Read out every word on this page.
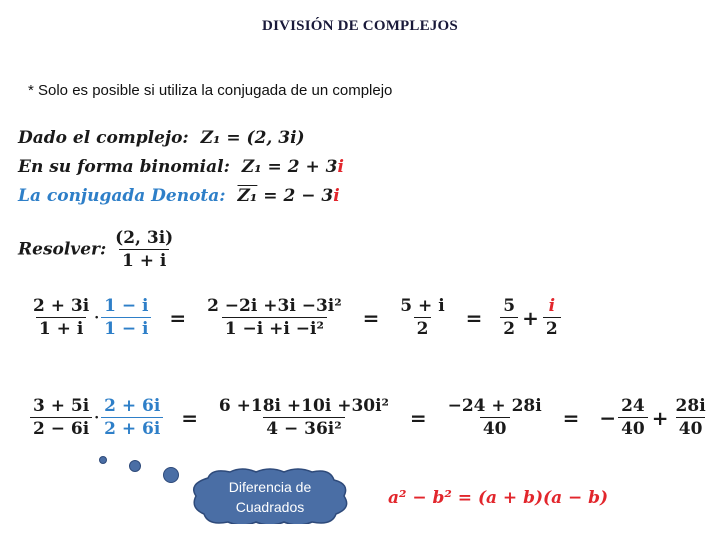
DIVISIÓN DE COMPLEJOS
* Solo es posible si utiliza la conjugada de un complejo
Dado el complejo: Z₁ = (2, 3i)
En su forma binomial: Z₁ = 2 + 3i
La conjugada Denota: Z₁ = 2 − 3i
Resolver: $\frac{(2, 3i)}{1 + i}$
$\frac{2 + 3i}{1 + i} \cdot \frac{1 - i}{1 - i} = \frac{\text{2 −2i +3i −3i²}}{\text{1 −i +i −i²}} = \frac{5 + i}{2} = \frac{5}{2} + \frac{i}{2}$
$\frac{3 + 5i}{2 - 6i} \cdot \frac{2 + 6i}{2 + 6i} = \frac{\text{6 +18i +10i +30i²}}{\text{4 − 36i²}} = \frac{-24 + 28i}{40}$ = − $\frac{24}{40} + \frac{28i}{40}$
Diferencia de
Cuadrados	a² − b² = (a + b)(a − b)
